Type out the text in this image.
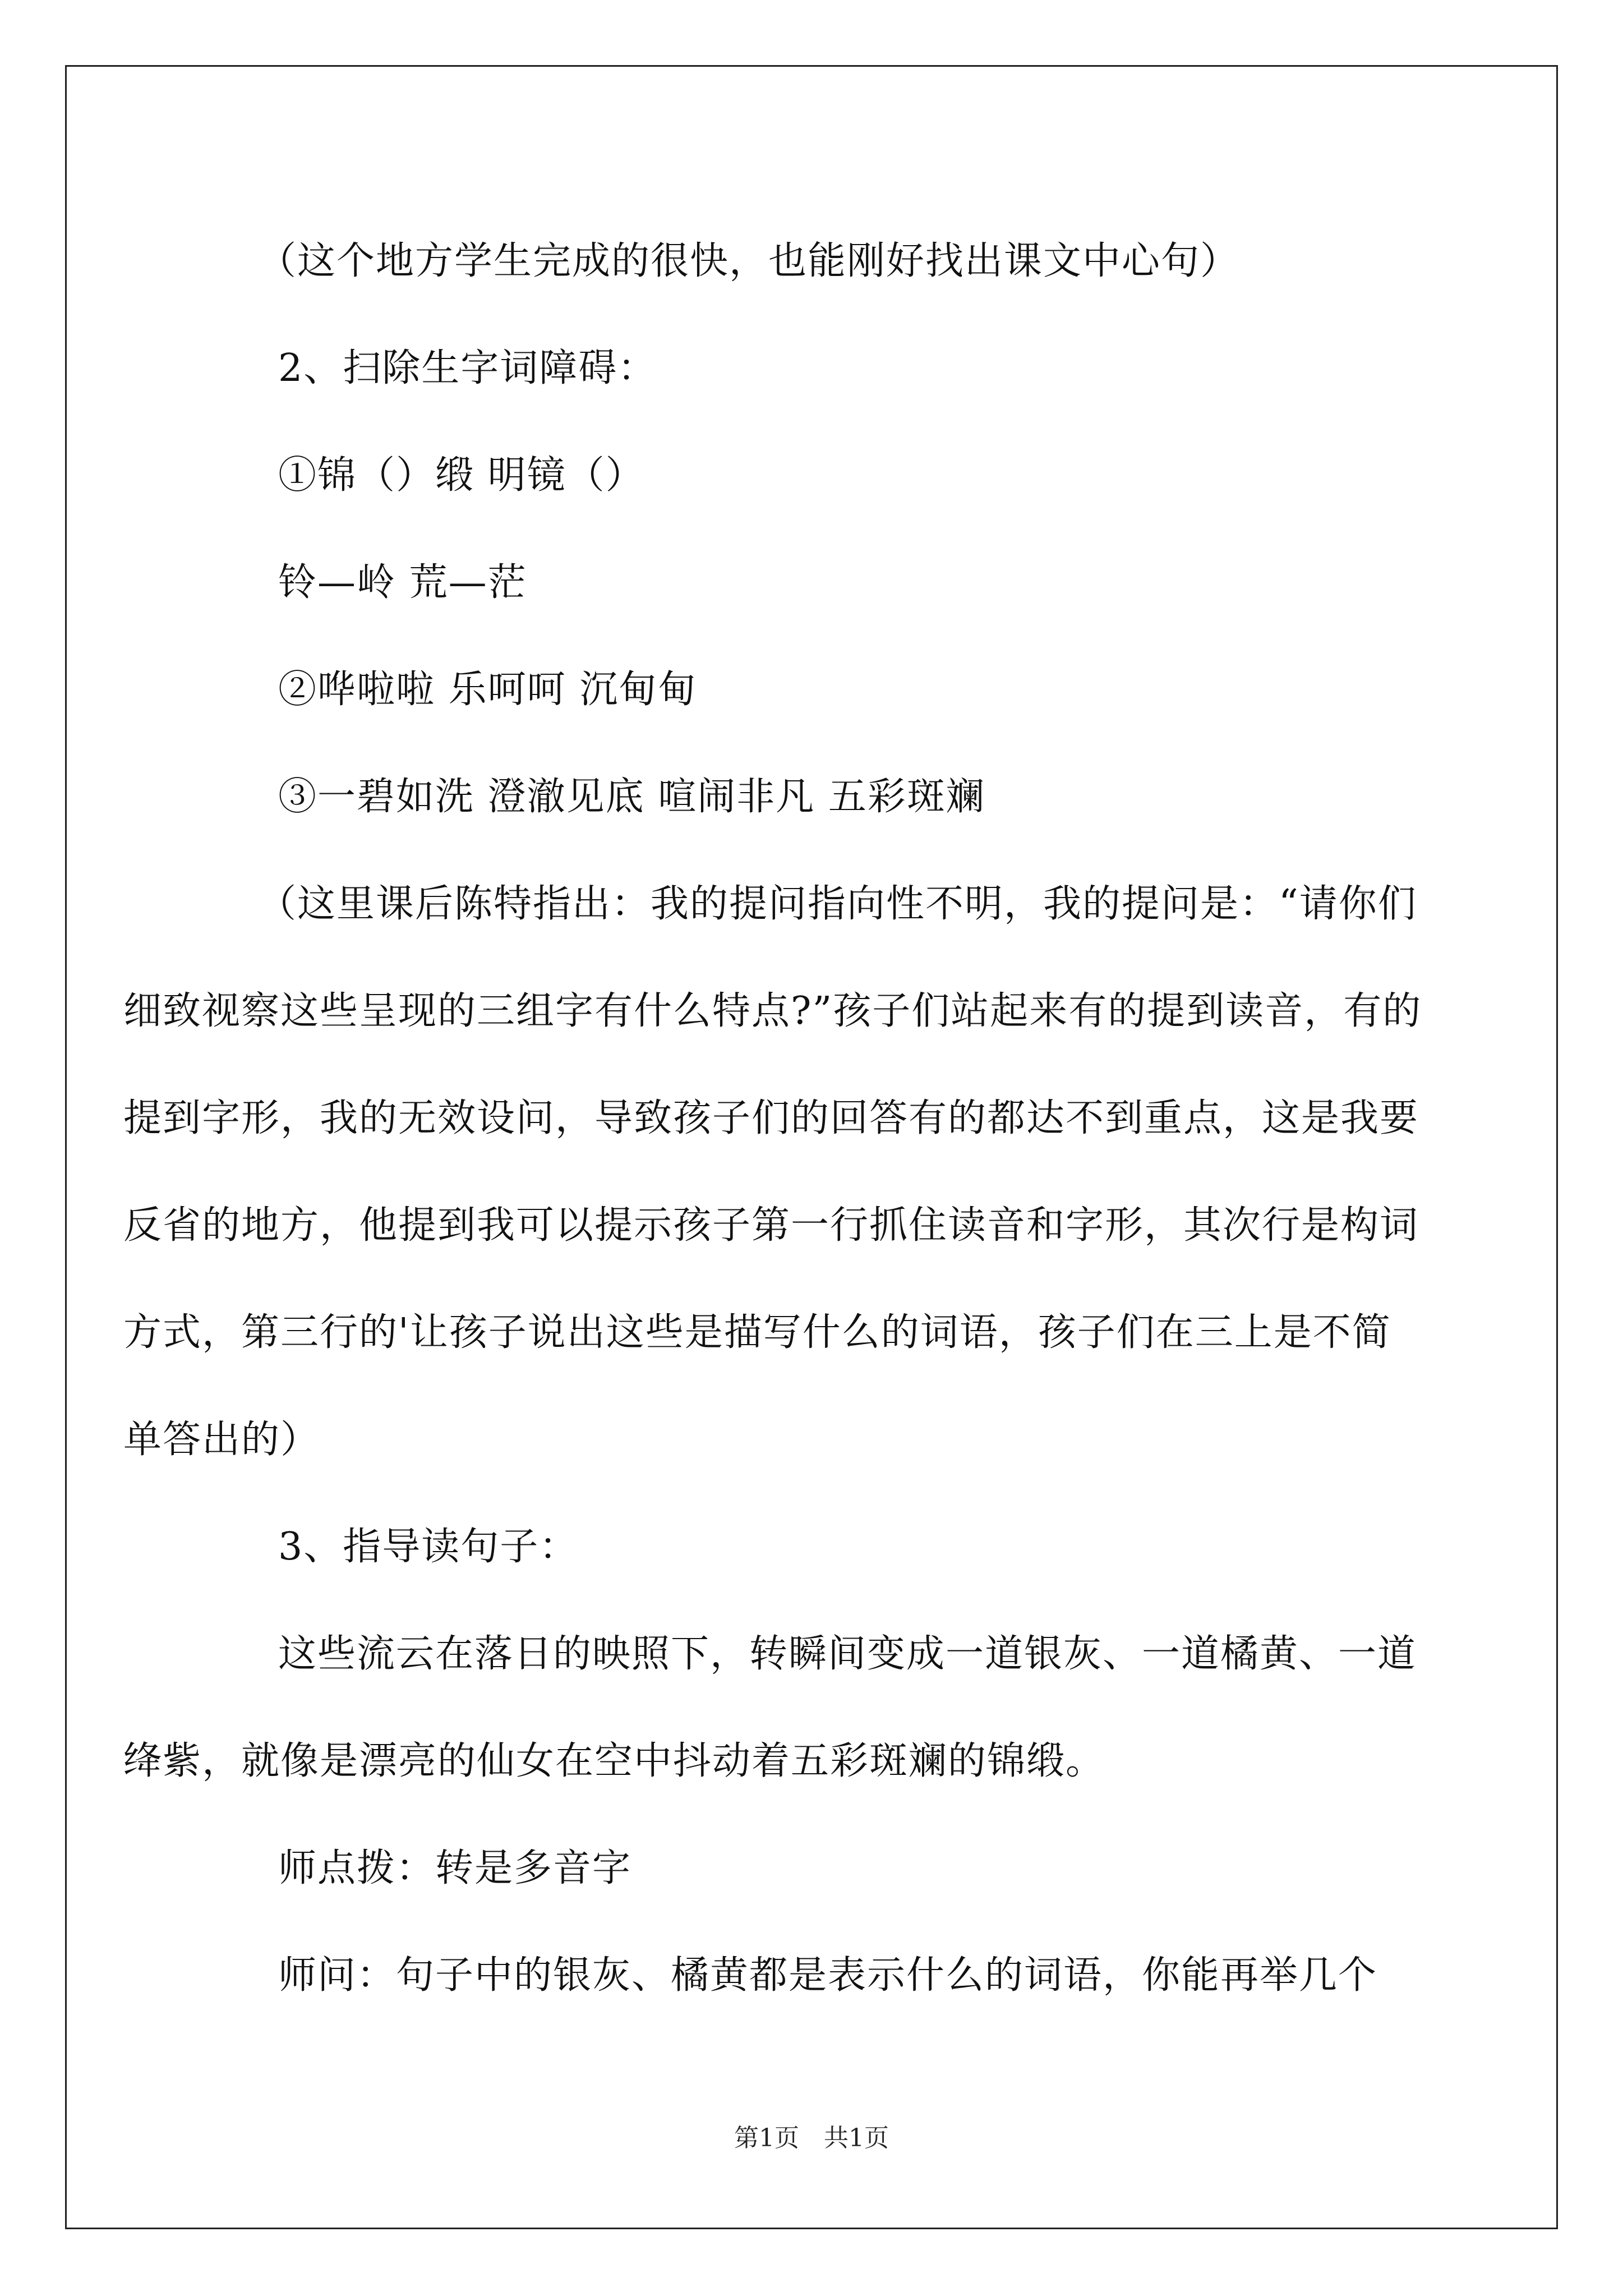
（这个地方学生完成的很快，也能刚好找出课文中心句）

2、扫除生字词障碍：

①锦（）缎 明镜（）

铃—岭 荒—茫

②哗啦啦 乐呵呵 沉甸甸

③一碧如洗 澄澈见底 喧闹非凡 五彩斑斓

（这里课后陈特指出：我的提问指向性不明，我的提问是：“请你们细致视察这些呈现的三组字有什么特点?”孩子们站起来有的提到读音，有的提到字形，我的无效设问，导致孩子们的回答有的都达不到重点，这是我要反省的地方，他提到我可以提示孩子第一行抓住读音和字形，其次行是构词方式，第三行的'让孩子说出这些是描写什么的词语，孩子们在三上是不简单答出的）

3、指导读句子：

这些流云在落日的映照下，转瞬间变成一道银灰、一道橘黄、一道绛紫，就像是漂亮的仙女在空中抖动着五彩斑斓的锦缎。

师点拨：转是多音字

师问：句子中的银灰、橘黄都是表示什么的词语，你能再举几个

第1页　共1页
